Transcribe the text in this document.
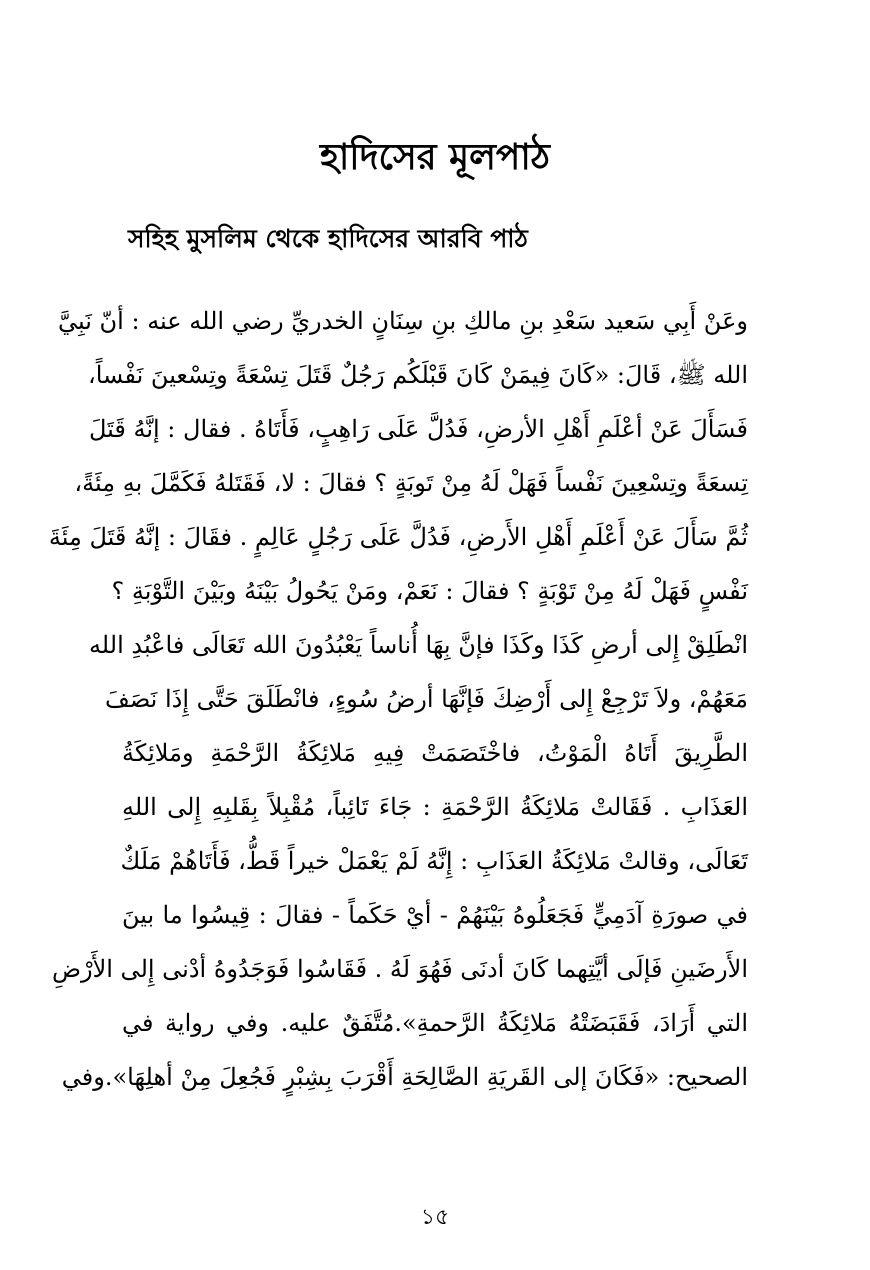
হাদিসের মূলপাঠ
সহিহ মুসলিম থেকে হাদিসের আরবি পাঠ
وعَنْ أَبِي سَعيد سَعْدِ بنِ مالكِ بنِ سِنَانٍ الخدريِّ رضي الله عنه : أنّ نَبِيَّ
الله ﷺ، قَالَ: «كَانَ فِيمَنْ كَانَ قَبْلَكُم رَجُلٌ قَتَلَ تِسْعَةً وتِسْعينَ نَفْساً،
فَسَأَلَ عَنْ أعْلَمِ أَهْلِ الأرضِ، فَدُلَّ عَلَى رَاهِبٍ، فَأَتَاهُ . فقال : إنَّهُ قَتَلَ
تِسعَةً وتِسْعِينَ نَفْساً فَهَلْ لَهُ مِنْ تَوبَةٍ ؟ فقالَ : لا، فَقَتَلهُ فَكَمَّلَ بهِ مِئَةً،
ثُمَّ سَأَلَ عَنْ أَعْلَمِ أَهْلِ الأَرضِ، فَدُلَّ عَلَى رَجُلٍ عَالِمٍ . فقَالَ : إنَّهُ قَتَلَ مِئَةَ
نَفْسٍ فَهَلْ لَهُ مِنْ تَوْبَةٍ ؟ فقالَ : نَعَمْ، ومَنْ يَحُولُ بَيْنَهُ وبَيْنَ التَّوْبَةِ ؟
انْطَلِقْ إِلى أرضِ كَذَا وكَذَا فإنَّ بِهَا أُناساً يَعْبُدُونَ الله تَعَالَى فاعْبُدِ الله
مَعَهُمْ، ولاَ تَرْجِعْ إِلى أَرْضِكَ فَإنَّهَا أرضُ سُوءٍ، فانْطَلَقَ حَتَّى إِذَا نَصَفَ
الطَّرِيقَ أَتَاهُ الْمَوْتُ، فاخْتَصَمَتْ فِيهِ مَلائِكَةُ الرَّحْمَةِ ومَلائِكَةُ
العَذَابِ . فَقَالتْ مَلائِكَةُ الرَّحْمَةِ : جَاءَ تَائِباً، مُقْبِلاً بِقَلبِهِ إِلى اللهِ
تَعَالَى، وقالتْ مَلائِكَةُ العَذَابِ : إِنَّهُ لَمْ يَعْمَلْ خيراً قَطُّ، فَأَتَاهُمْ مَلَكٌ
في صورَةِ آدَمِيٍّ فَجَعَلُوهُ بَيْنَهُمْ - أيْ حَكَماً - فقالَ : قِيسُوا ما بينَ
الأَرضَينِ فَإلَى أيَّتِهما كَانَ أدنَى فَهُوَ لَهُ . فَقَاسُوا فَوَجَدُوهُ أدْنى إِلى الأَرْضِ
التي أَرَادَ، فَقَبَضَتْهُ مَلائِكَةُ الرَّحمةِ».مُتَّفَقٌ عليه. وفي رواية في
الصحيح: «فَكَانَ إلى القَريَةِ الصَّالِحَةِ أَقْرَبَ بِشِبْرٍ فَجُعِلَ مِنْ أهلِهَا».وفي
১৫
